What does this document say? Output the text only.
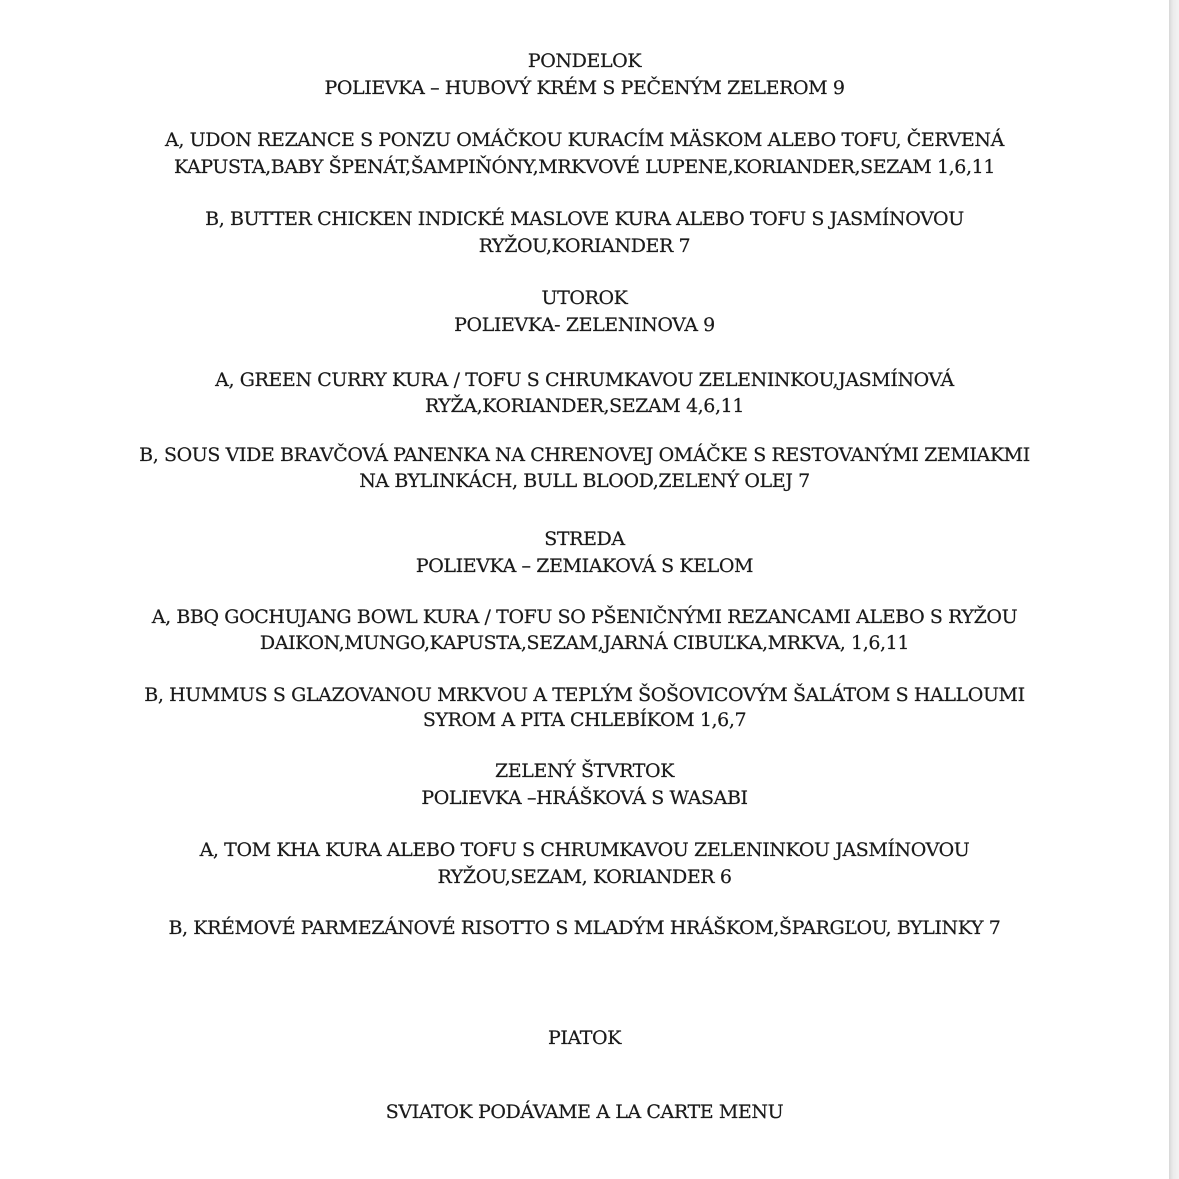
PONDELOK
POLIEVKA – HUBOVÝ KRÉM S PEČENÝM ZELEROM 9
A, UDON REZANCE S PONZU OMÁČKOU KURACÍM MÄSKOM ALEBO TOFU, ČERVENÁ
KAPUSTA,BABY ŠPENÁT,ŠAMPIŇÓNY,MRKVOVÉ LUPENE,KORIANDER,SEZAM 1,6,11
B, BUTTER CHICKEN INDICKÉ MASLOVE KURA ALEBO TOFU S JASMÍNOVOU
RYŽOU,KORIANDER 7
UTOROK
POLIEVKA- ZELENINOVA 9
A, GREEN CURRY KURA / TOFU S CHRUMKAVOU ZELENINKOU,JASMÍNOVÁ
RYŽA,KORIANDER,SEZAM 4,6,11
B, SOUS VIDE BRAVČOVÁ PANENKA NA CHRENOVEJ OMÁČKE S RESTOVANÝMI ZEMIAKMI
NA BYLINKÁCH, BULL BLOOD,ZELENÝ OLEJ 7
STREDA
POLIEVKA – ZEMIAKOVÁ S KELOM
A, BBQ GOCHUJANG BOWL KURA / TOFU SO PŠENIČNÝMI REZANCAMI ALEBO S RYŽOU
DAIKON,MUNGO,KAPUSTA,SEZAM,JARNÁ CIBUĽKA,MRKVA, 1,6,11
B, HUMMUS S GLAZOVANOU MRKVOU A TEPLÝM ŠOŠOVICOVÝM ŠALÁTOM S HALLOUMI
SYROM A PITA CHLEBÍKOM 1,6,7
ZELENÝ ŠTVRTOK
POLIEVKA –HRÁŠKOVÁ S WASABI
A, TOM KHA KURA ALEBO TOFU S CHRUMKAVOU ZELENINKOU JASMÍNOVOU
RYŽOU,SEZAM, KORIANDER 6
B, KRÉMOVÉ PARMEZÁNOVÉ RISOTTO S MLADÝM HRÁŠKOM,ŠPARGĽOU, BYLINKY 7
PIATOK
SVIATOK PODÁVAME A LA CARTE MENU
